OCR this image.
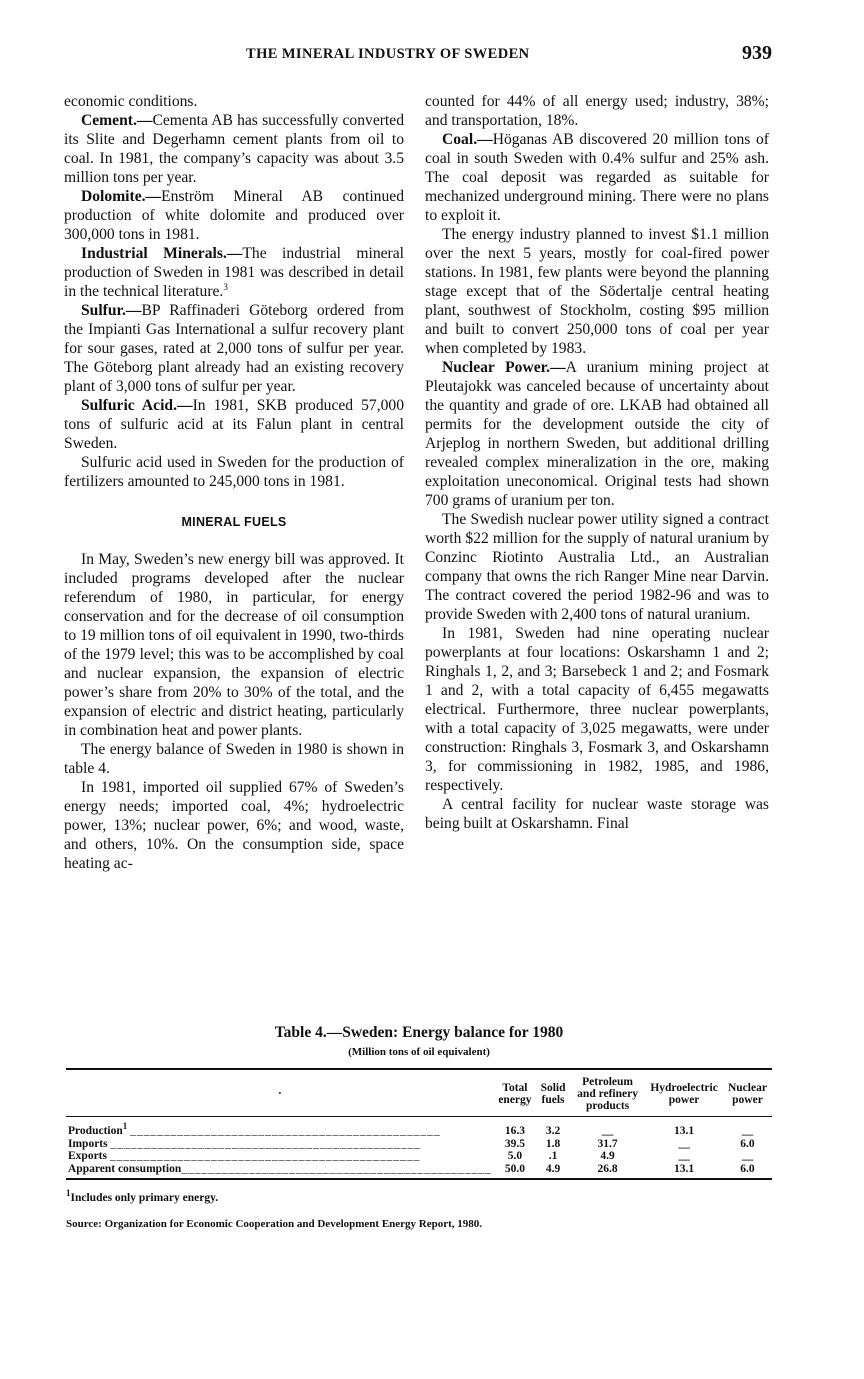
THE MINERAL INDUSTRY OF SWEDEN	939

economic conditions.

Cement.—Cementa AB has successfully converted its Slite and Degerhamn cement plants from oil to coal. In 1981, the company’s capacity was about 3.5 million tons per year.

Dolomite.—Enström Mineral AB continued production of white dolomite and produced over 300,000 tons in 1981.

Industrial Minerals.—The industrial mineral production of Sweden in 1981 was described in detail in the technical literature.$^3$

Sulfur.—BP Raffinaderi Göteborg ordered from the Impianti Gas International a sulfur recovery plant for sour gases, rated at 2,000 tons of sulfur per year. The Göteborg plant already had an existing recovery plant of 3,000 tons of sulfur per year.

Sulfuric Acid.—In 1981, SKB produced 57,000 tons of sulfuric acid at its Falun plant in central Sweden.

Sulfuric acid used in Sweden for the production of fertilizers amounted to 245,000 tons in 1981.

MINERAL FUELS

In May, Sweden’s new energy bill was approved. It included programs developed after the nuclear referendum of 1980, in particular, for energy conservation and for the decrease of oil consumption to 19 million tons of oil equivalent in 1990, two-thirds of the 1979 level; this was to be accomplished by coal and nuclear expansion, the expansion of electric power’s share from 20% to 30% of the total, and the expansion of electric and district heating, particularly in combination heat and power plants.

The energy balance of Sweden in 1980 is shown in table 4.

In 1981, imported oil supplied 67% of Sweden’s energy needs; imported coal, 4%; hydroelectric power, 13%; nuclear power, 6%; and wood, waste, and others, 10%. On the consumption side, space heating ac-

counted for 44% of all energy used; industry, 38%; and transportation, 18%.

Coal.—Höganas AB discovered 20 million tons of coal in south Sweden with 0.4% sulfur and 25% ash. The coal deposit was regarded as suitable for mechanized underground mining. There were no plans to exploit it.

The energy industry planned to invest $1.1 million over the next 5 years, mostly for coal-fired power stations. In 1981, few plants were beyond the planning stage except that of the Södertalje central heating plant, southwest of Stockholm, costing $95 million and built to convert 250,000 tons of coal per year when completed by 1983.

Nuclear Power.—A uranium mining project at Pleutajokk was canceled because of uncertainty about the quantity and grade of ore. LKAB had obtained all permits for the development outside the city of Arjeplog in northern Sweden, but additional drilling revealed complex mineralization in the ore, making exploitation uneconomical. Original tests had shown 700 grams of uranium per ton.

The Swedish nuclear power utility signed a contract worth $22 million for the supply of natural uranium by Conzinc Riotinto Australia Ltd., an Australian company that owns the rich Ranger Mine near Darvin. The contract covered the period 1982-96 and was to provide Sweden with 2,400 tons of natural uranium.

In 1981, Sweden had nine operating nuclear powerplants at four locations: Oskarshamn 1 and 2; Ringhals 1, 2, and 3; Barsebeck 1 and 2; and Fosmark 1 and 2, with a total capacity of 6,455 megawatts electrical. Furthermore, three nuclear powerplants, with a total capacity of 3,025 megawatts, were under construction: Ringhals 3, Fosmark 3, and Oskarshamn 3, for commissioning in 1982, 1985, and 1986, respectively.

A central facility for nuclear waste storage was being built at Oskarshamn. Final

Table 4.—Sweden: Energy balance for 1980
(Million tons of oil equivalent)
·	Total energy	Solid fuels	Petroleum and refinery products	Hydroelectric power	Nuclear power
Production$^1$ ______________________________________________	16.3	3.2	__	13.1	__
Imports ______________________________________________	39.5	1.8	31.7	__	6.0
Exports ______________________________________________	5.0	.1	4.9	__	__
Apparent consumption______________________________________________	50.0	4.9	26.8	13.1	6.0
$^1$Includes only primary energy.
Source: Organization for Economic Cooperation and Development Energy Report, 1980.
